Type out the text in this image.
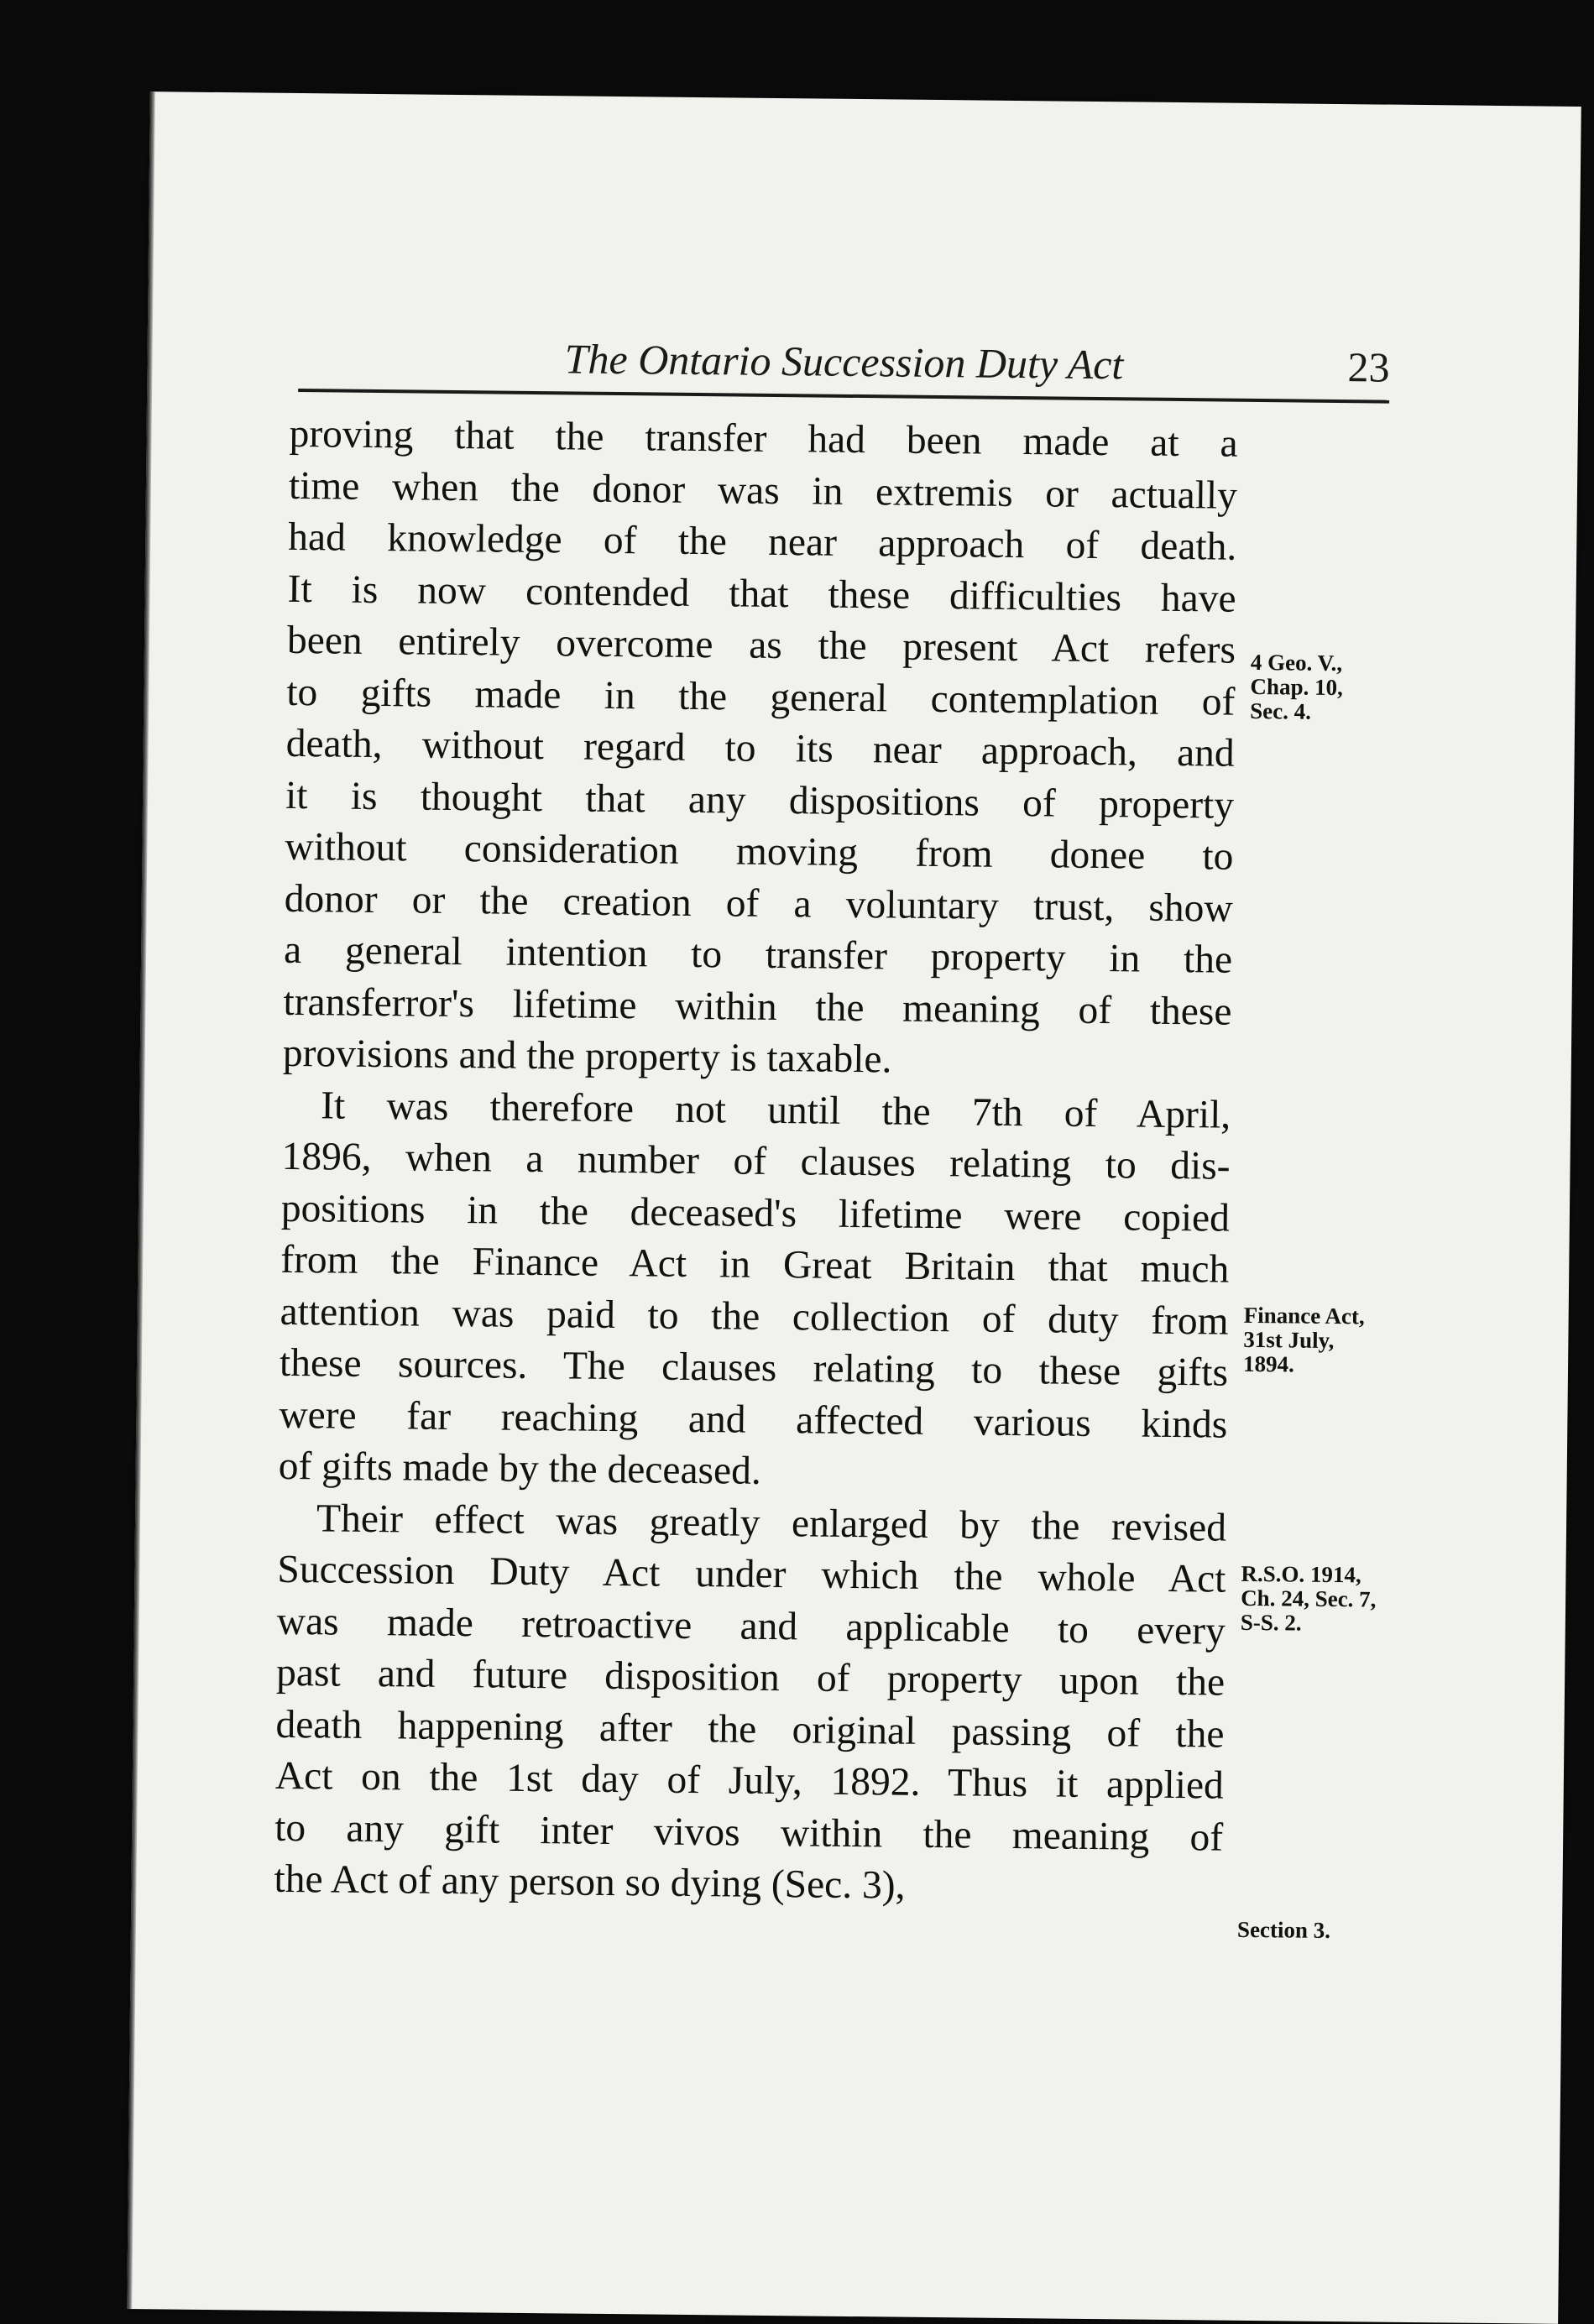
The Ontario Succession Duty Act	23
proving that the transfer had been made at a
time when the donor was in extremis or actually
had knowledge of the near approach of death.
It is now contended that these difficulties have
been entirely overcome as the present Act refers
to gifts made in the general contemplation of
death, without regard to its near approach, and
it is thought that any dispositions of property
without consideration moving from donee to
donor or the creation of a voluntary trust, show
a general intention to transfer property in the
transferror's lifetime within the meaning of these
provisions and the property is taxable.
It was therefore not until the 7th of April,
1896, when a number of clauses relating to dis-
positions in the deceased's lifetime were copied
from the Finance Act in Great Britain that much
attention was paid to the collection of duty from
these sources. The clauses relating to these gifts
were far reaching and affected various kinds
of gifts made by the deceased.
Their effect was greatly enlarged by the revised
Succession Duty Act under which the whole Act
was made retroactive and applicable to every
past and future disposition of property upon the
death happening after the original passing of the
Act on the 1st day of July, 1892. Thus it applied
to any gift inter vivos within the meaning of
the Act of any person so dying (Sec. 3),
4 Geo. V.,
Chap. 10,
Sec. 4.
Finance Act,
31st July,
1894.
R.S.O. 1914,
Ch. 24, Sec. 7,
S-S. 2.
Section 3.
